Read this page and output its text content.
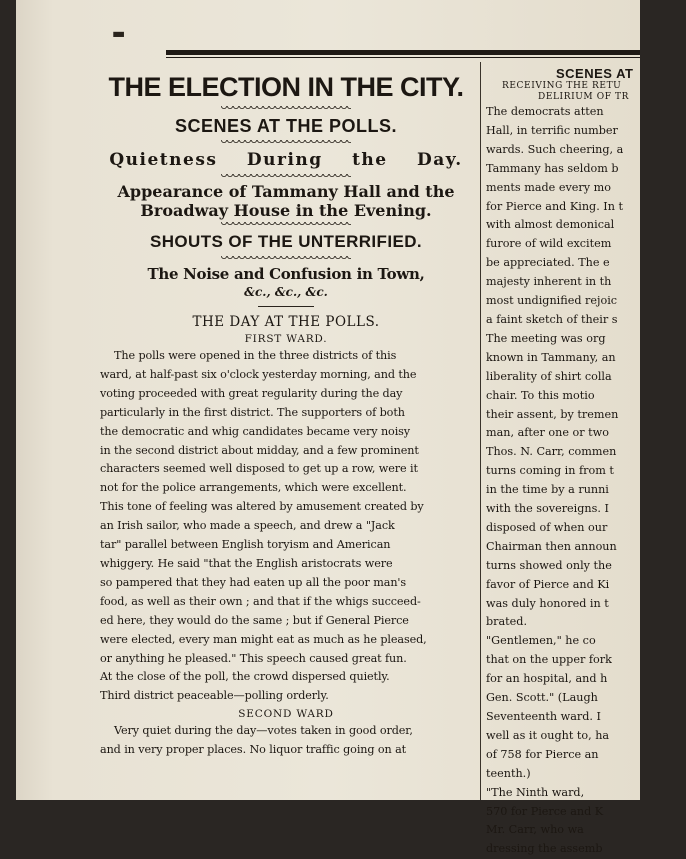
▬

THE ELECTION IN THE CITY.

SCENES AT THE POLLS.

Quietness During the Day.

Appearance of Tammany Hall and the

Broadway House in the Evening.

SHOUTS OF THE UNTERRIFIED.

The Noise and Confusion in Town,

&c., &c., &c.

THE DAY AT THE POLLS.

FIRST WARD.
The polls were opened in the three districts of this
ward, at half-past six o'clock yesterday morning, and the
voting proceeded with great regularity during the day
particularly in the first district. The supporters of both
the democratic and whig candidates became very noisy
in the second district about midday, and a few prominent
characters seemed well disposed to get up a row, were it
not for the police arrangements, which were excellent.
This tone of feeling was altered by amusement created by
an Irish sailor, who made a speech, and drew a "Jack
tar" parallel between English toryism and American
whiggery. He said "that the English aristocrats were
so pampered that they had eaten up all the poor man's
food, as well as their own ; and that if the whigs succeed-
ed here, they would do the same ; but if General Pierce
were elected, every man might eat as much as he pleased,
or anything he pleased." This speech caused great fun.
At the close of the poll, the crowd dispersed quietly.
Third district peaceable—polling orderly.
SECOND WARD
Very quiet during the day—votes taken in good order,
and in very proper places. No liquor traffic going on at
SCENES AT
RECEIVING THE RETU
DELIRIUM OF TR
The democrats atten
Hall, in terrific number
wards. Such cheering, a
Tammany has seldom b
ments made every mo
for Pierce and King. In t
with almost demonical
furore of wild excitem
be appreciated. The e
majesty inherent in th
most undignified rejoic
a faint sketch of their s
The meeting was org
known in Tammany, an
liberality of shirt colla
chair. To this motio
their assent, by tremen
man, after one or two
Thos. N. Carr, commen
turns coming in from t
in the time by a runni
with the sovereigns. I
disposed of when our
Chairman then announ
turns showed only the
favor of Pierce and Ki
was duly honored in t
brated.
"Gentlemen," he co
that on the upper fork
for an hospital, and h
Gen. Scott." (Laugh
Seventeenth ward. I
well as it ought to, ha
of 758 for Pierce an
teenth.)
"The Ninth ward,
570 for Pierce and K
Mr. Carr, who wa
dressing the assemb
